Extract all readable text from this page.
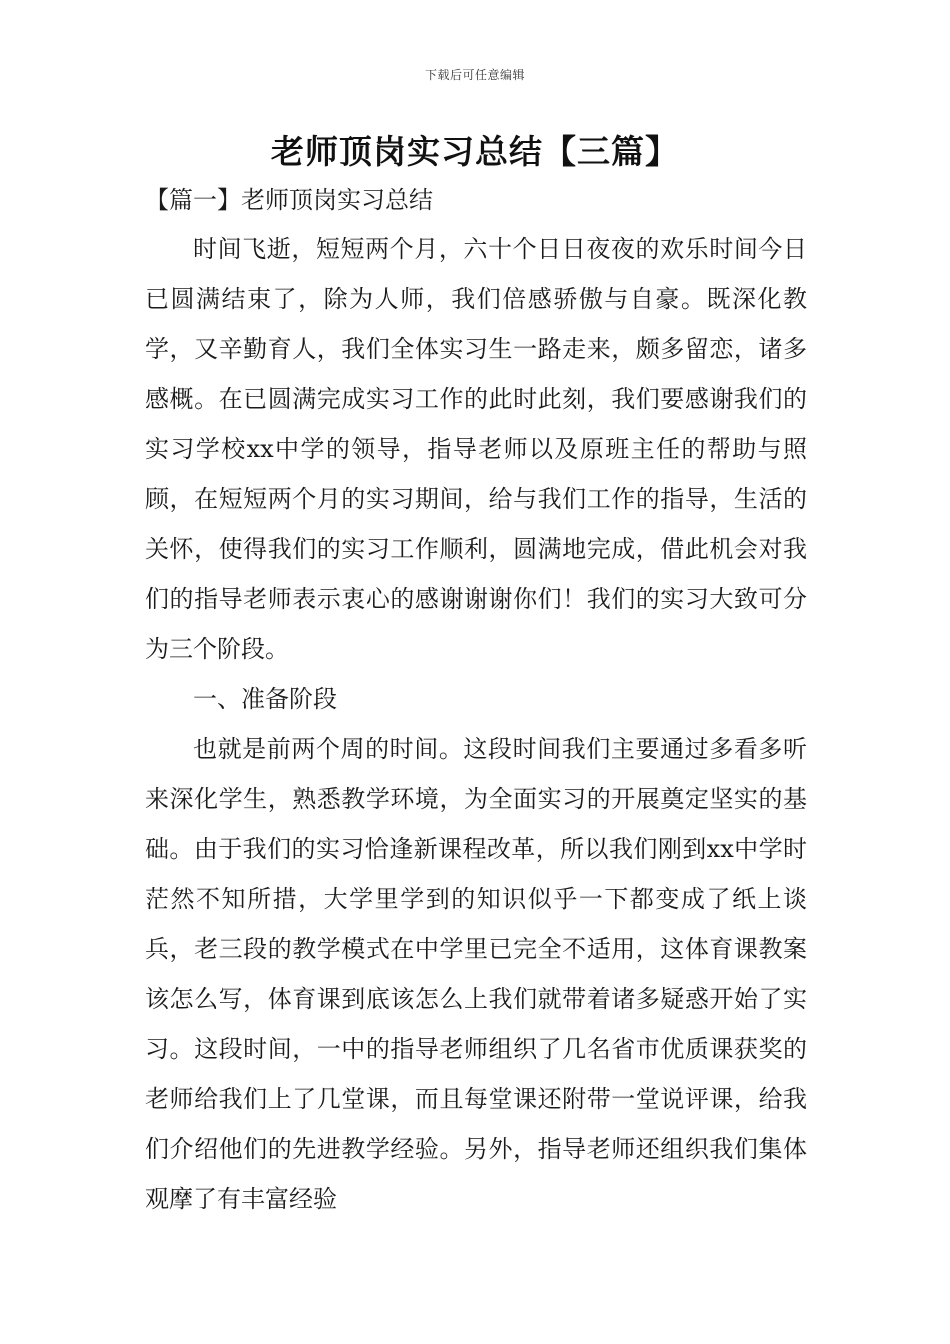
下载后可任意编辑
老师顶岗实习总结【三篇】
【篇一】老师顶岗实习总结

时间飞逝，短短两个月，六十个日日夜夜的欢乐时间今日已圆满结束了，除为人师，我们倍感骄傲与自豪。既深化教学，又辛勤育人，我们全体实习生一路走来，颇多留恋，诸多感概。在已圆满完成实习工作的此时此刻，我们要感谢我们的实习学校xx中学的领导，指导老师以及原班主任的帮助与照顾，在短短两个月的实习期间，给与我们工作的指导，生活的关怀，使得我们的实习工作顺利，圆满地完成，借此机会对我们的指导老师表示衷心的感谢谢谢你们！我们的实习大致可分为三个阶段。

一、准备阶段

也就是前两个周的时间。这段时间我们主要通过多看多听来深化学生，熟悉教学环境，为全面实习的开展奠定坚实的基础。由于我们的实习恰逢新课程改革，所以我们刚到xx中学时茫然不知所措，大学里学到的知识似乎一下都变成了纸上谈兵，老三段的教学模式在中学里已完全不适用，这体育课教案该怎么写，体育课到底该怎么上我们就带着诸多疑惑开始了实习。这段时间，一中的指导老师组织了几名省市优质课获奖的老师给我们上了几堂课，而且每堂课还附带一堂说评课，给我们介绍他们的先进教学经验。另外，指导老师还组织我们集体观摩了有丰富经验
